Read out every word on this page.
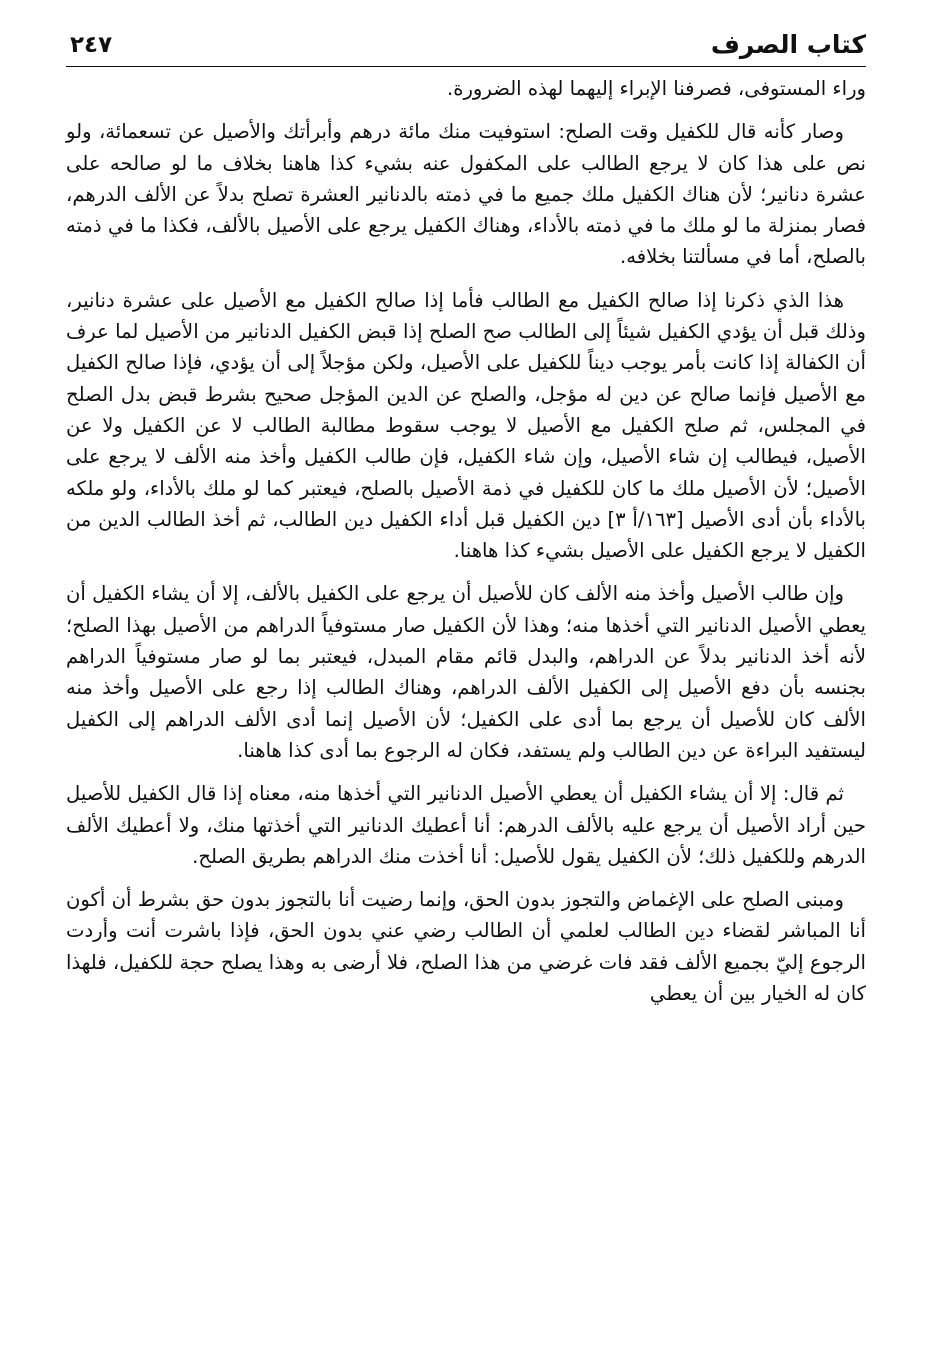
كتاب الصرف
٢٤٧

وراء المستوفى، فصرفنا الإبراء إليهما لهذه الضرورة.

وصار كأنه قال للكفيل وقت الصلح: استوفيت منك مائة درهم وأبرأتك والأصيل عن تسعمائة، ولو نص على هذا كان لا يرجع الطالب على المكفول عنه بشيء كذا هاهنا بخلاف ما لو صالحه على عشرة دنانير؛ لأن هناك الكفيل ملك جميع ما في ذمته بالدنانير العشرة تصلح بدلاً عن الألف الدرهم، فصار بمنزلة ما لو ملك ما في ذمته بالأداء، وهناك الكفيل يرجع على الأصيل بالألف، فكذا ما في ذمته بالصلح، أما في مسألتنا بخلافه.

هذا الذي ذكرنا إذا صالح الكفيل مع الطالب فأما إذا صالح الكفيل مع الأصيل على عشرة دنانير، وذلك قبل أن يؤدي الكفيل شيئاً إلى الطالب صح الصلح إذا قبض الكفيل الدنانير من الأصيل لما عرف أن الكفالة إذا كانت بأمر يوجب ديناً للكفيل على الأصيل، ولكن مؤجلاً إلى أن يؤدي، فإذا صالح الكفيل مع الأصيل فإنما صالح عن دين له مؤجل، والصلح عن الدين المؤجل صحيح بشرط قبض بدل الصلح في المجلس، ثم صلح الكفيل مع الأصيل لا يوجب سقوط مطالبة الطالب لا عن الكفيل ولا عن الأصيل، فيطالب إن شاء الأصيل، وإن شاء الكفيل، فإن طالب الكفيل وأخذ منه الألف لا يرجع على الأصيل؛ لأن الأصيل ملك ما كان للكفيل في ذمة الأصيل بالصلح، فيعتبر كما لو ملك بالأداء، ولو ملكه بالأداء بأن أدى الأصيل [١٦٣/أ ٣] دين الكفيل قبل أداء الكفيل دين الطالب، ثم أخذ الطالب الدين من الكفيل لا يرجع الكفيل على الأصيل بشيء كذا هاهنا.

وإن طالب الأصيل وأخذ منه الألف كان للأصيل أن يرجع على الكفيل بالألف، إلا أن يشاء الكفيل أن يعطي الأصيل الدنانير التي أخذها منه؛ وهذا لأن الكفيل صار مستوفياً الدراهم من الأصيل بهذا الصلح؛ لأنه أخذ الدنانير بدلاً عن الدراهم، والبدل قائم مقام المبدل، فيعتبر بما لو صار مستوفياً الدراهم بجنسه بأن دفع الأصيل إلى الكفيل الألف الدراهم، وهناك الطالب إذا رجع على الأصيل وأخذ منه الألف كان للأصيل أن يرجع بما أدى على الكفيل؛ لأن الأصيل إنما أدى الألف الدراهم إلى الكفيل ليستفيد البراءة عن دين الطالب ولم يستفد، فكان له الرجوع بما أدى كذا هاهنا.

ثم قال: إلا أن يشاء الكفيل أن يعطي الأصيل الدنانير التي أخذها منه، معناه إذا قال الكفيل للأصيل حين أراد الأصيل أن يرجع عليه بالألف الدرهم: أنا أعطيك الدنانير التي أخذتها منك، ولا أعطيك الألف الدرهم وللكفيل ذلك؛ لأن الكفيل يقول للأصيل: أنا أخذت منك الدراهم بطريق الصلح.

ومبنى الصلح على الإغماض والتجوز بدون الحق، وإنما رضيت أنا بالتجوز بدون حق بشرط أن أكون أنا المباشر لقضاء دين الطالب لعلمي أن الطالب رضي عني بدون الحق، فإذا باشرت أنت وأردت الرجوع إليّ بجميع الألف فقد فات غرضي من هذا الصلح، فلا أرضى به وهذا يصلح حجة للكفيل، فلهذا كان له الخيار بين أن يعطي
